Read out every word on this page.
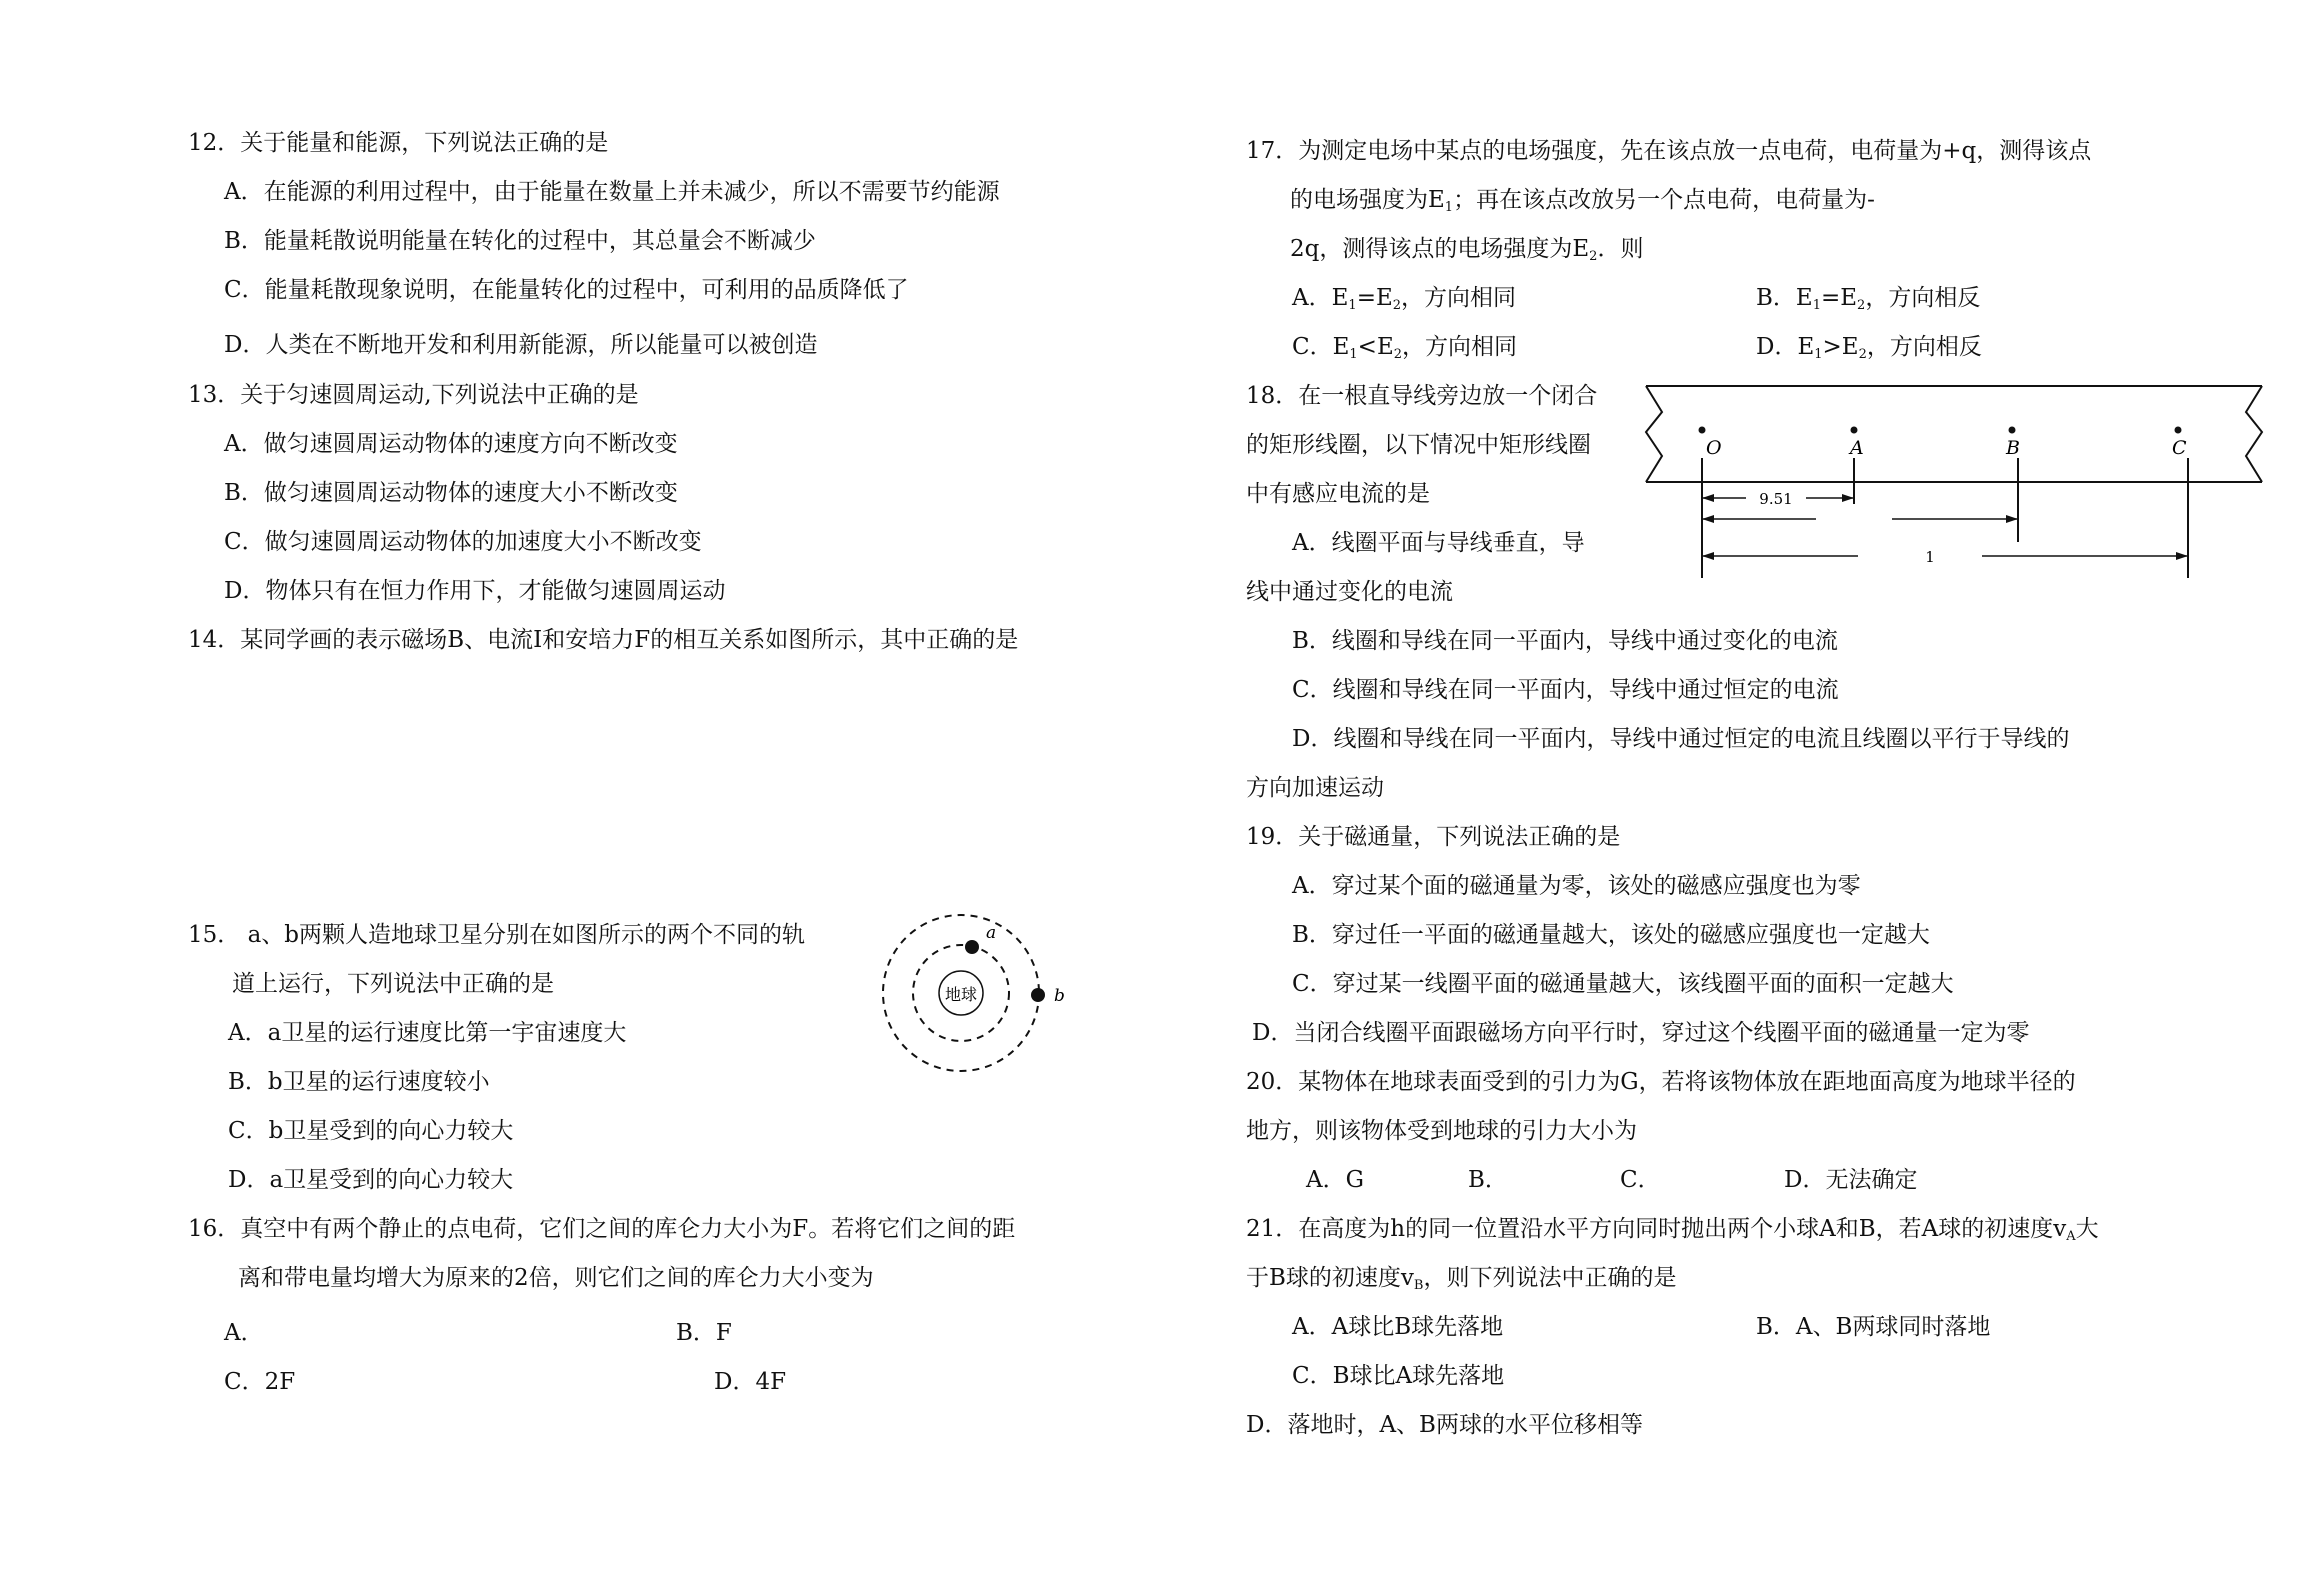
12．关于能量和能源，下列说法正确的是
A．在能源的利用过程中，由于能量在数量上并未减少，所以不需要节约能源
B．能量耗散说明能量在转化的过程中，其总量会不断减少
C．能量耗散现象说明，在能量转化的过程中，可利用的品质降低了
D．人类在不断地开发和利用新能源，所以能量可以被创造
13．关于匀速圆周运动,下列说法中正确的是
A．做匀速圆周运动物体的速度方向不断改变
B．做匀速圆周运动物体的速度大小不断改变
C．做匀速圆周运动物体的加速度大小不断改变
D．物体只有在恒力作用下，才能做匀速圆周运动
14．某同学画的表示磁场B、电流I和安培力F的相互关系如图所示，其中正确的是
15． a、b两颗人造地球卫星分别在如图所示的两个不同的轨
道上运行，下列说法中正确的是
A．a卫星的运行速度比第一宇宙速度大
B．b卫星的运行速度较小
C．b卫星受到的向心力较大
D．a卫星受到的向心力较大
地球
a
b
16．真空中有两个静止的点电荷，它们之间的库仑力大小为F。若将它们之间的距
离和带电量均增大为原来的2倍，则它们之间的库仑力大小变为
A．	B．F
C．2F	D．4F
17．为测定电场中某点的电场强度，先在该点放一点电荷，电荷量为+q，测得该点
的电场强度为$E_1$；再在该点改放另一个点电荷，电荷量为-
2q，测得该点的电场强度为$E_2$．则
A．$E_1=E_2$，方向相同	B．$E_1=E_2$，方向相反
C．$E_1<E_2$，方向相同	D．$E_1>E_2$，方向相反
18．在一根直导线旁边放一个闭合
的矩形线圈，以下情况中矩形线圈
中有感应电流的是
A．线圈平面与导线垂直，导
线中通过变化的电流
B．线圈和导线在同一平面内，导线中通过变化的电流
C．线圈和导线在同一平面内，导线中通过恒定的电流
D．线圈和导线在同一平面内，导线中通过恒定的电流且线圈以平行于导线的
方向加速运动
O	A	B	C
9.51
1
19．关于磁通量，下列说法正确的是
A．穿过某个面的磁通量为零，该处的磁感应强度也为零
B．穿过任一平面的磁通量越大，该处的磁感应强度也一定越大
C．穿过某一线圈平面的磁通量越大，该线圈平面的面积一定越大
D．当闭合线圈平面跟磁场方向平行时，穿过这个线圈平面的磁通量一定为零
20．某物体在地球表面受到的引力为G，若将该物体放在距地面高度为地球半径的
地方，则该物体受到地球的引力大小为
A．G	B．	C．	D．无法确定
21．在高度为h的同一位置沿水平方向同时抛出两个小球A和B，若A球的初速度$v_A$大
于B球的初速度$v_B$，则下列说法中正确的是
A．A球比B球先落地	B．A、B两球同时落地
C．B球比A球先落地
D．落地时，A、B两球的水平位移相等
